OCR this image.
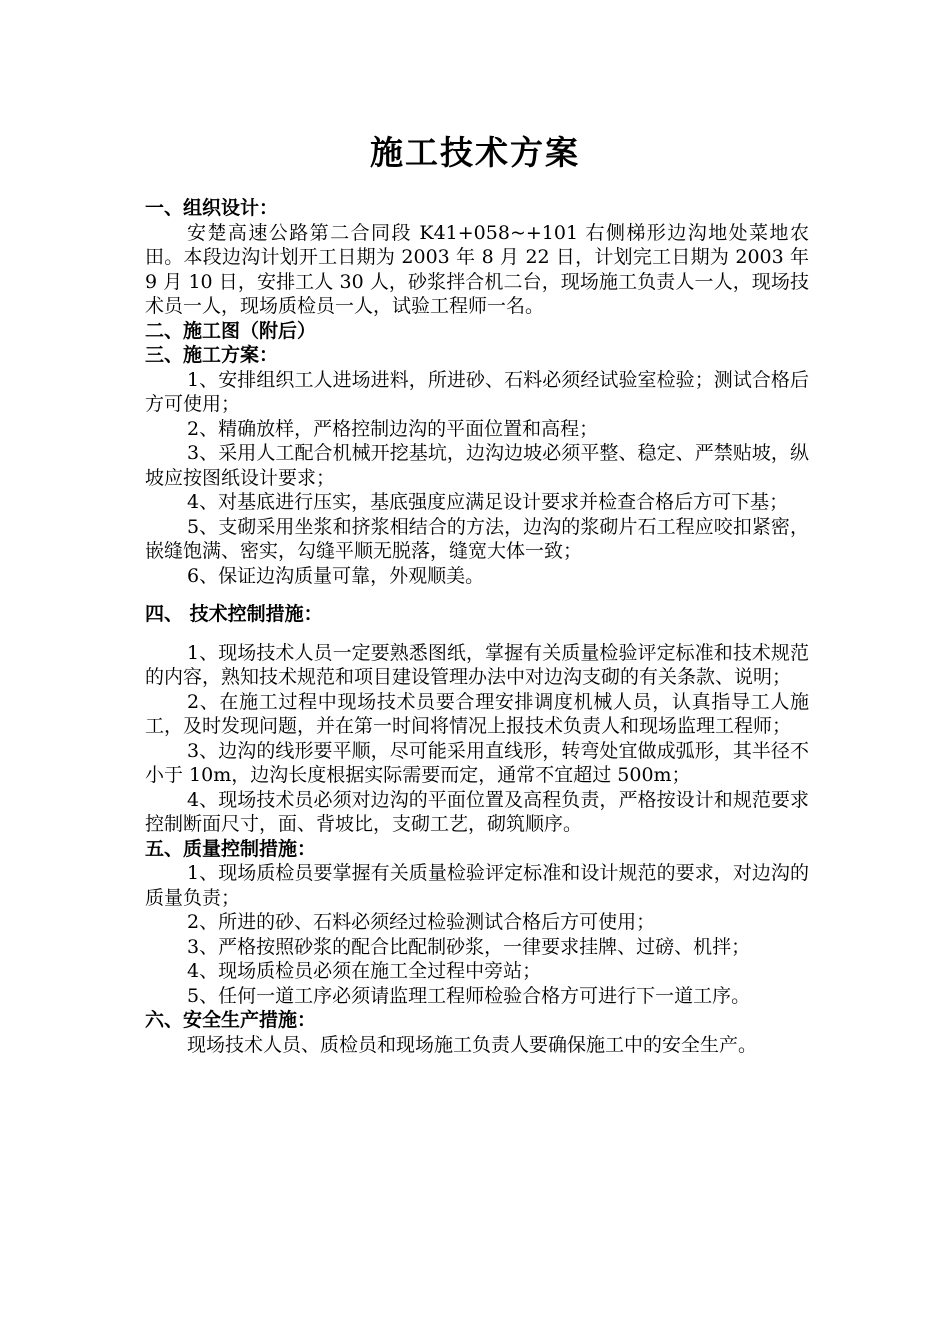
施工技术方案

一、组织设计：

安楚高速公路第二合同段 K41+058~+101 右侧梯形边沟地处菜地农田。本段边沟计划开工日期为 2003 年 8 月 22 日，计划完工日期为 2003 年 9 月 10 日，安排工人 30 人，砂浆拌合机二台，现场施工负责人一人，现场技术员一人，现场质检员一人，试验工程师一名。

二、施工图（附后）

三、施工方案：

1、安排组织工人进场进料，所进砂、石料必须经试验室检验；测试合格后方可使用；

2、精确放样，严格控制边沟的平面位置和高程；

3、采用人工配合机械开挖基坑，边沟边坡必须平整、稳定、严禁贴坡，纵坡应按图纸设计要求；

4、对基底进行压实，基底强度应满足设计要求并检查合格后方可下基；

5、支砌采用坐浆和挤浆相结合的方法，边沟的浆砌片石工程应咬扣紧密，嵌缝饱满、密实，勾缝平顺无脱落，缝宽大体一致；

6、保证边沟质量可靠，外观顺美。

四、 技术控制措施：

1、现场技术人员一定要熟悉图纸，掌握有关质量检验评定标准和技术规范的内容，熟知技术规范和项目建设管理办法中对边沟支砌的有关条款、说明；

2、在施工过程中现场技术员要合理安排调度机械人员，认真指导工人施工，及时发现问题，并在第一时间将情况上报技术负责人和现场监理工程师；

3、边沟的线形要平顺，尽可能采用直线形，转弯处宜做成弧形，其半径不小于 10m，边沟长度根据实际需要而定，通常不宜超过 500m；

4、现场技术员必须对边沟的平面位置及高程负责，严格按设计和规范要求控制断面尺寸，面、背坡比，支砌工艺，砌筑顺序。

五、质量控制措施：

1、现场质检员要掌握有关质量检验评定标准和设计规范的要求，对边沟的质量负责；

2、所进的砂、石料必须经过检验测试合格后方可使用；

3、严格按照砂浆的配合比配制砂浆，一律要求挂牌、过磅、机拌；

4、现场质检员必须在施工全过程中旁站；

5、任何一道工序必须请监理工程师检验合格方可进行下一道工序。

六、安全生产措施：

现场技术人员、质检员和现场施工负责人要确保施工中的安全生产。
